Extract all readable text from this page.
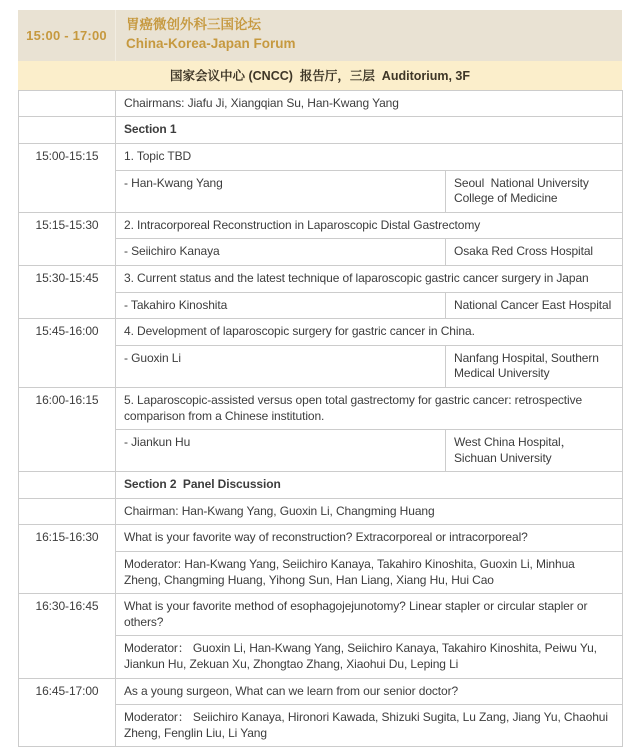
15:00 - 17:00
胃癌微创外科三国论坛
China-Korea-Japan Forum
国家会议中心 (CNCC)  报告厅，三层  Auditorium, 3F
	Chairmans: Jiafu Ji, Xiangqian Su, Han-Kwang Yang	
	Section 1	
15:00-15:15	1. Topic TBD	
	- Han-Kwang Yang	Seoul  National University College of Medicine
15:15-15:30	2. Intracorporeal Reconstruction in Laparoscopic Distal Gastrectomy	
	- Seiichiro Kanaya	Osaka Red Cross Hospital
15:30-15:45	3. Current status and the latest technique of laparoscopic gastric cancer surgery in Japan	
	- Takahiro Kinoshita	National Cancer East Hospital
15:45-16:00	4. Development of laparoscopic surgery for gastric cancer in China.	
	- Guoxin Li	Nanfang Hospital, Southern Medical University
16:00-16:15	5. Laparoscopic-assisted versus open total gastrectomy for gastric cancer: retrospective comparison from a Chinese institution.	
	- Jiankun Hu	West China Hospital，Sichuan University
	Section 2  Panel Discussion	
	Chairman: Han-Kwang Yang, Guoxin Li, Changming Huang	
16:15-16:30	What is your favorite way of reconstruction? Extracorporeal or intracorporeal?	
	Moderator: Han-Kwang Yang, Seiichiro Kanaya, Takahiro Kinoshita, Guoxin Li, Minhua Zheng, Changming Huang, Yihong Sun, Han Liang, Xiang Hu, Hui Cao	
16:30-16:45	What is your favorite method of esophagojejunotomy? Linear stapler or circular stapler or others?	
	Moderator： Guoxin Li, Han-Kwang Yang, Seiichiro Kanaya, Takahiro Kinoshita, Peiwu Yu, Jiankun Hu, Zekuan Xu, Zhongtao Zhang, Xiaohui Du, Leping Li	
16:45-17:00	As a young surgeon, What can we learn from our senior doctor?	
	Moderator： Seiichiro Kanaya, Hironori Kawada, Shizuki Sugita, Lu Zang, Jiang Yu, Chaohui Zheng, Fenglin Liu, Li Yang	
